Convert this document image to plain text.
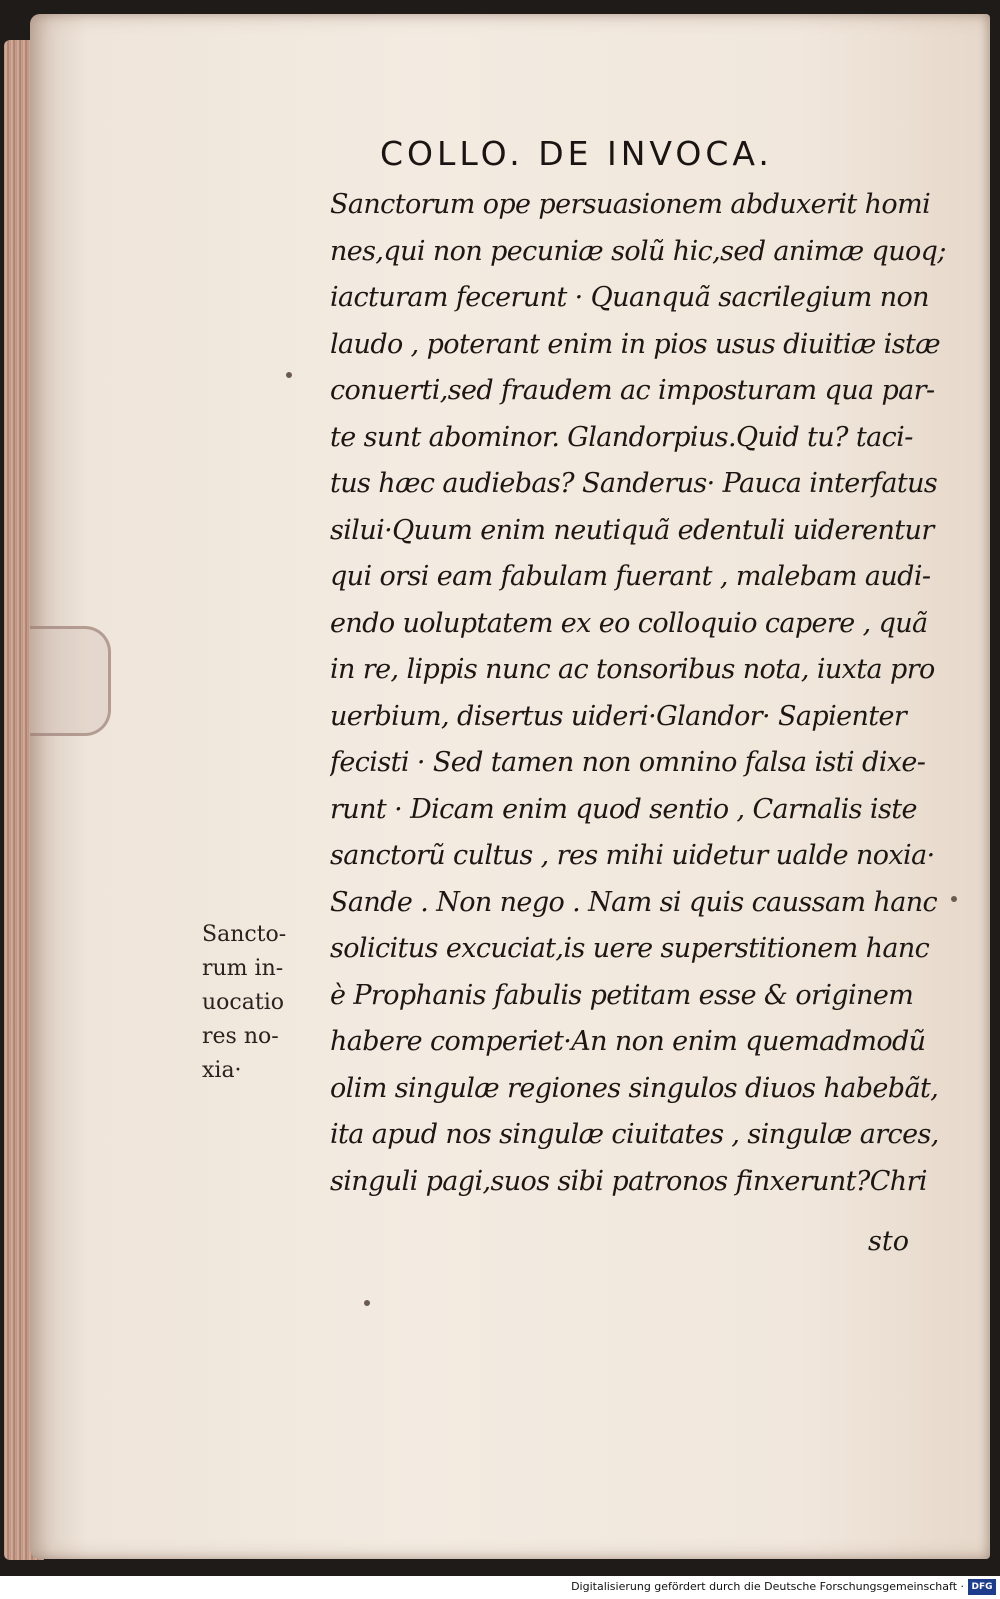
COLLO. DE INVOCA.
Sanctorum ope persuasionem abduxerit homi
nes,qui non pecuniæ solũ hic,sed animæ quoq;
iacturam fecerunt · Quanquã sacrilegium non
laudo , poterant enim in pios usus diuitiæ istæ
conuerti,sed fraudem ac imposturam qua par-
te sunt abominor. Glandorpius.Quid tu? taci-
tus hæc audiebas? Sanderus· Pauca interfatus
silui·Quum enim neutiquã edentuli uiderentur
qui orsi eam fabulam fuerant , malebam audi-
endo uoluptatem ex eo colloquio capere , quã
in re, lippis nunc ac tonsoribus nota, iuxta pro
uerbium, disertus uideri·Glandor· Sapienter
fecisti · Sed tamen non omnino falsa isti dixe-
runt · Dicam enim quod sentio , Carnalis iste
sanctorũ cultus , res mihi uidetur ualde noxia·
Sande . Non nego . Nam si quis caussam hanc
solicitus excuciat,is uere superstitionem hanc
è Prophanis fabulis petitam esse & originem
habere comperiet·An non enim quemadmodũ
olim singulæ regiones singulos diuos habebãt,
ita apud nos singulæ ciuitates , singulæ arces,
singuli pagi,suos sibi patronos finxerunt?Chri
sto
Sancto-
rum in-
uocatio
res no-
xia·
Digitalisierung gefördert durch die Deutsche Forschungsgemeinschaft · DFG
